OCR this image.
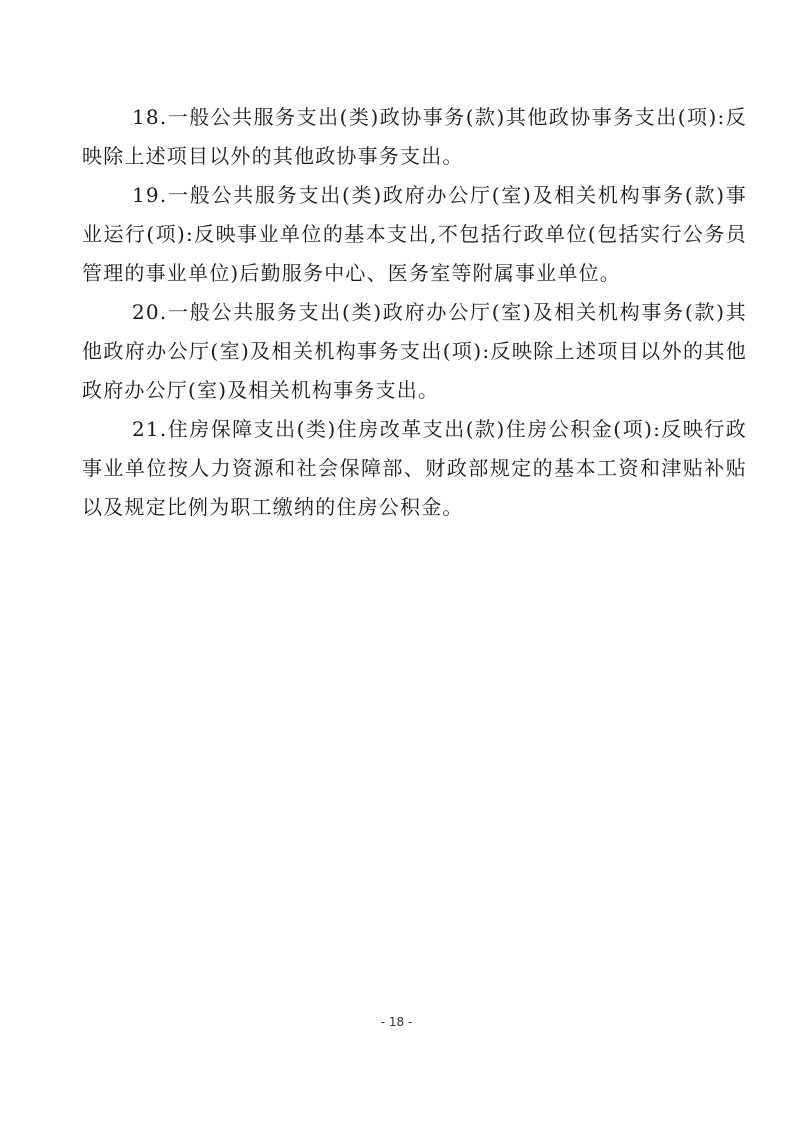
18.一般公共服务支出(类)政协事务(款)其他政协事务支出(项):反映除上述项目以外的其他政协事务支出。

19.一般公共服务支出(类)政府办公厅(室)及相关机构事务(款)事业运行(项):反映事业单位的基本支出,不包括行政单位(包括实行公务员管理的事业单位)后勤服务中心、医务室等附属事业单位。

20.一般公共服务支出(类)政府办公厅(室)及相关机构事务(款)其他政府办公厅(室)及相关机构事务支出(项):反映除上述项目以外的其他政府办公厅(室)及相关机构事务支出。

21.住房保障支出(类)住房改革支出(款)住房公积金(项):反映行政事业单位按人力资源和社会保障部、财政部规定的基本工资和津贴补贴以及规定比例为职工缴纳的住房公积金。

- 18 -
